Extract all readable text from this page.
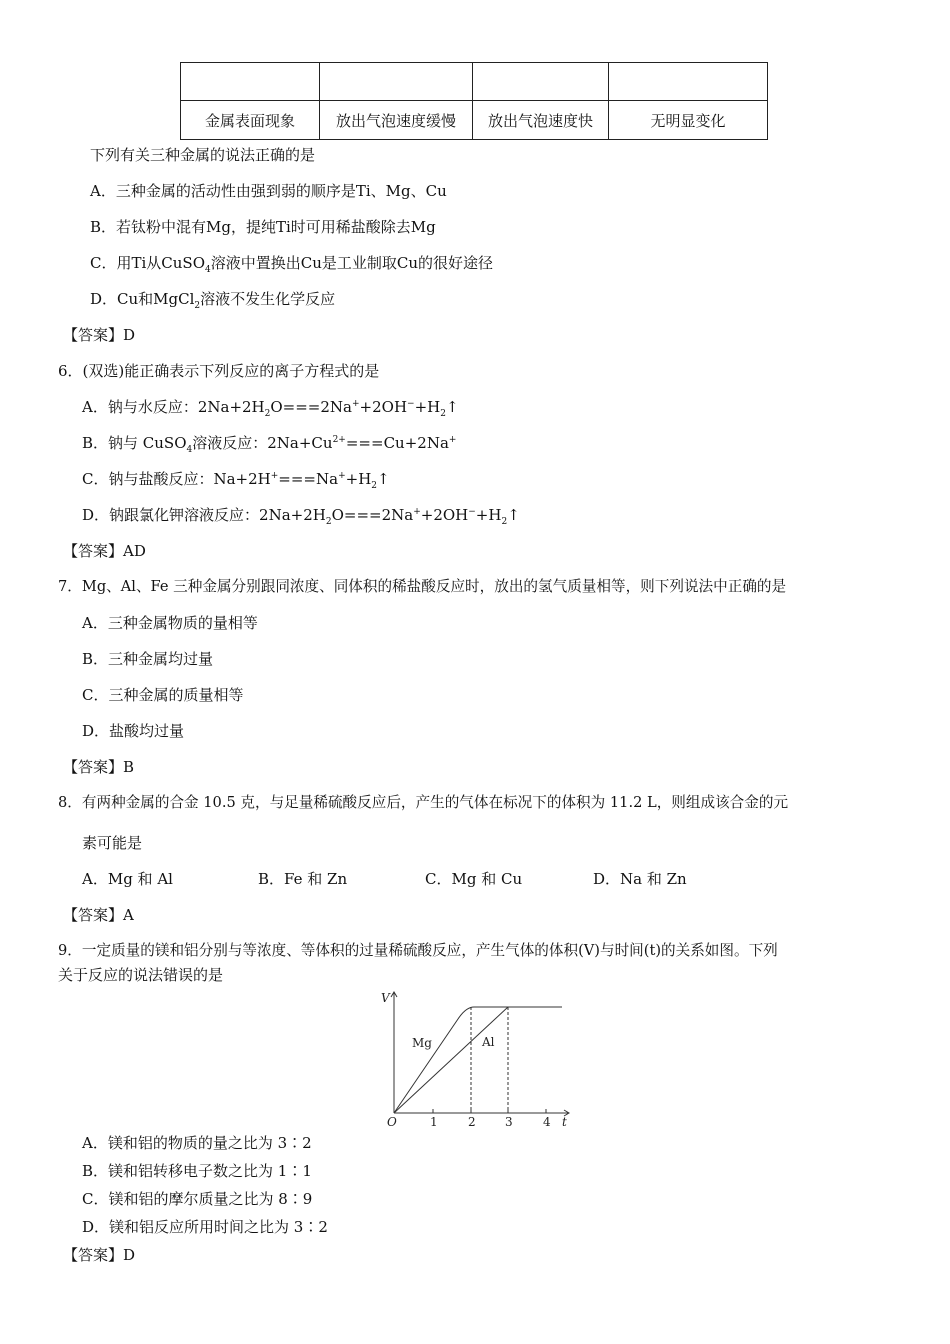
金属表面现象	放出气泡速度缓慢	放出气泡速度快	无明显变化
下列有关三种金属的说法正确的是
A．三种金属的活动性由强到弱的顺序是Ti、Mg、Cu
B．若钛粉中混有Mg，提纯Ti时可用稀盐酸除去Mg
C．用Ti从CuSO$_4$溶液中置换出Cu是工业制取Cu的很好途径
D．Cu和MgCl$_2$溶液不发生化学反应
【答案】D
6．(双选)能正确表示下列反应的离子方程式的是
A．钠与水反应：$2Na+2H_2O===2Na^++2OH^-+H_2↑$
B．钠与 CuSO$_4$溶液反应：$2Na+Cu^{2+}===Cu+2Na^+$
C．钠与盐酸反应：$Na+2H^+===Na^++H_2↑$
D．钠跟氯化钾溶液反应：$2Na+2H_2O===2Na^++2OH^-+H_2↑$
【答案】AD
7．Mg、Al、Fe 三种金属分别跟同浓度、同体积的稀盐酸反应时，放出的氢气质量相等，则下列说法中正确的是
A．三种金属物质的量相等
B．三种金属均过量
C．三种金属的质量相等
D．盐酸均过量
【答案】B
8．有两种金属的合金 10.5 克，与足量稀硫酸反应后，产生的气体在标况下的体积为 11.2 L，则组成该合金的元
素可能是
A．Mg 和 Al	B．Fe 和 Zn	C．Mg 和 Cu	D．Na 和 Zn
【答案】A
9．一定质量的镁和铝分别与等浓度、等体积的过量稀硫酸反应，产生气体的体积(V)与时间(t)的关系如图。下列
关于反应的说法错误的是
V
t
O	1	2 3	4
Mg	Al
A．镁和铝的物质的量之比为 3∶2
B．镁和铝转移电子数之比为 1∶1
C．镁和铝的摩尔质量之比为 8∶9
D．镁和铝反应所用时间之比为 3∶2
【答案】D
